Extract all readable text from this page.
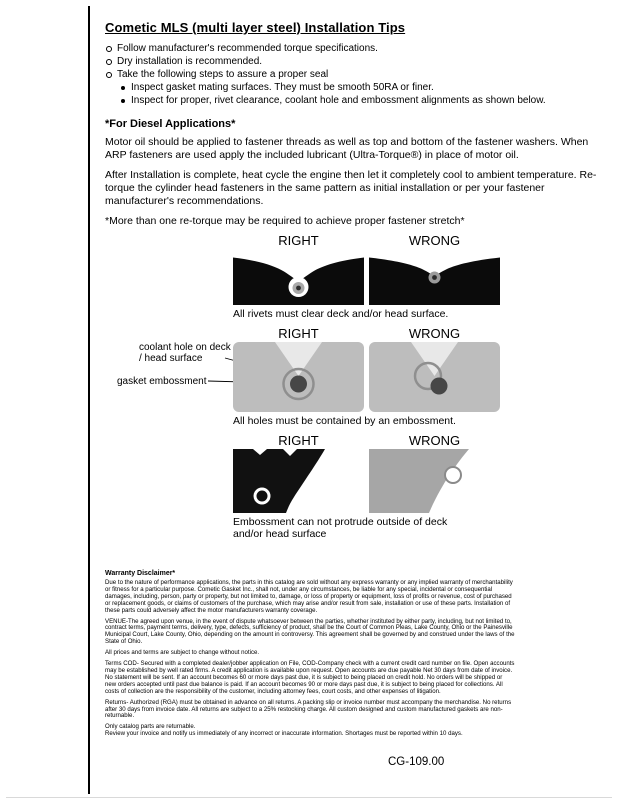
Cometic MLS (multi layer steel) Installation Tips
Follow manufacturer's recommended torque specifications.
Dry installation is recommended.
Take the following steps to assure a proper seal
Inspect gasket mating surfaces. They must be smooth 50RA or finer.
Inspect for proper, rivet clearance, coolant hole and embossment alignments as shown below.
*For Diesel Applications*

Motor oil should be applied to fastener threads as well as top and bottom of the fastener washers. When ARP fasteners are used apply the included lubricant (Ultra-Torque®) in place of motor oil.

After Installation is complete, heat cycle the engine then let it completely cool to ambient temperature. Re-torque the cylinder head fasteners in the same pattern as initial installation or per your fastener manufacturer's recommendations.

*More than one re-torque may be required to achieve proper fastener stretch*

RIGHT	WRONG

All rivets must clear deck and/or head surface.

RIGHT	WRONG
coolant hole on deck / head surface
gasket embossment

All holes must be contained by an embossment.

RIGHT	WRONG

Embossment can not protrude outside of deck and/or head surface

Warranty Disclaimer*

Due to the nature of performance applications, the parts in this catalog are sold without any express warranty or any implied warranty of merchantability or fitness for a particular purpose. Cometic Gasket Inc., shall not, under any circumstances, be liable for any special, incidental or consequential damages, including, person, party or property, but not limited to, damage, or loss of property or equipment, loss of profits or revenue, cost of purchased or replacement goods, or claims of customers of the purchase, which may arise and/or result from sale, installation or use of these parts. Installation of these parts could adversely affect the motor manufacturers warranty coverage.

VENUE-The agreed upon venue, in the event of dispute whatsoever between the parties, whether instituted by either party, including, but not limited to, contract terms, payment terms, delivery, type, defects, sufficiency of product, shall be the Court of Common Pleas, Lake County, Ohio or the Painesville Municipal Court, Lake County, Ohio, depending on the amount in controversy. This agreement shall be governed by and construed under the laws of the State of Ohio.

All prices and terms are subject to change without notice.

Terms COD- Secured with a completed dealer/jobber application on File, COD-Company check with a current credit card number on file. Open accounts may be established by well rated firms. A credit application is available upon request. Open accounts are due payable Net 30 days from date of invoice. No statement will be sent. If an account becomes 60 or more days past due, it is subject to being placed on credit hold. No orders will be shipped or new orders accepted until past due balance is paid. If an account becomes 90 or more days past due, it is subject to being placed for collections. All costs of collection are the responsibility of the customer, including attorney fees, court costs, and other expenses of litigation.

Returns- Authorized (RGA) must be obtained in advance on all returns. A packing slip or invoice number must accompany the merchandise. No returns after 30 days from invoice date. All returns are subject to a 25% restocking charge. All custom designed and custom manufactured gaskets are non-returnable.

Only catalog parts are returnable.

Review your invoice and notify us immediately of any incorrect or inaccurate information. Shortages must be reported within 10 days.

CG-109.00
